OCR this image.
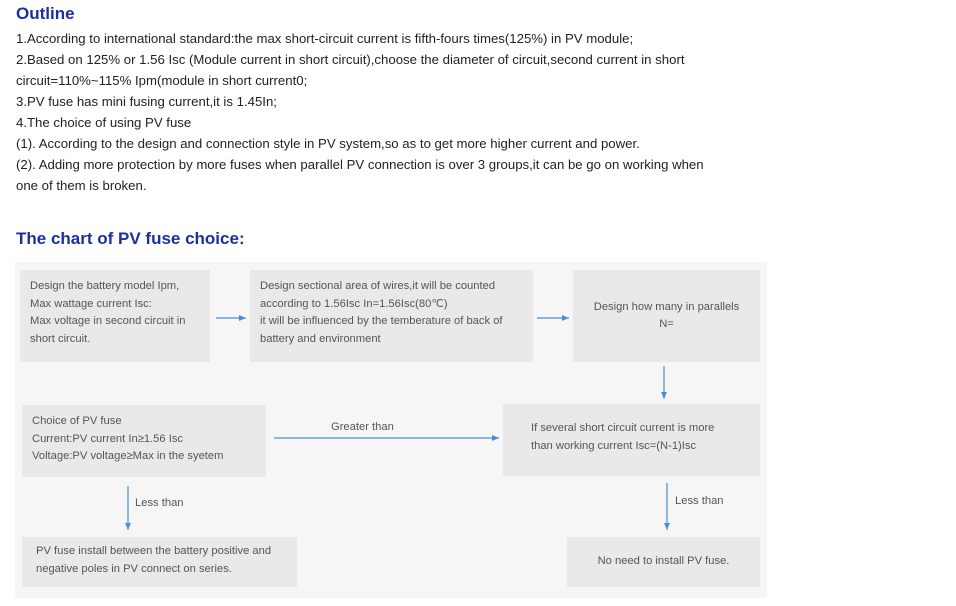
Outline
1.According to international standard:the max short-circuit current is fifth-fours times(125%) in PV module;
2.Based on 125% or 1.56 Isc (Module current in short circuit),choose the diameter of circuit,second current in short
circuit=110%~115% Ipm(module in short current0;
3.PV fuse has mini fusing current,it is 1.45In;
4.The choice of using PV fuse
(1). According to the design and connection style in PV system,so as to get more higher current and power.
(2). Adding more protection by more fuses when parallel PV connection is over 3 groups,it can be go on working when
one of them is broken.
The chart of PV fuse choice:
Design the battery model Ipm,
Max wattage current Isc:
Max voltage in second circuit in
short circuit.
Design sectional area of wires,it will be counted
according to 1.56Isc In=1.56Isc(80℃)
it will be influenced by the temberature of back of
battery and environment
Design how many in parallels
N=
Choice of PV fuse
Current:PV current In≥1.56 Isc
Voltage:PV voltage≥Max in the syetem
If several short circuit current is more
than working current Isc=(N-1)Isc
PV fuse install between the battery positive and
negative poles in PV connect on series.
No need to install PV fuse.
Greater than
Less than	Less than
